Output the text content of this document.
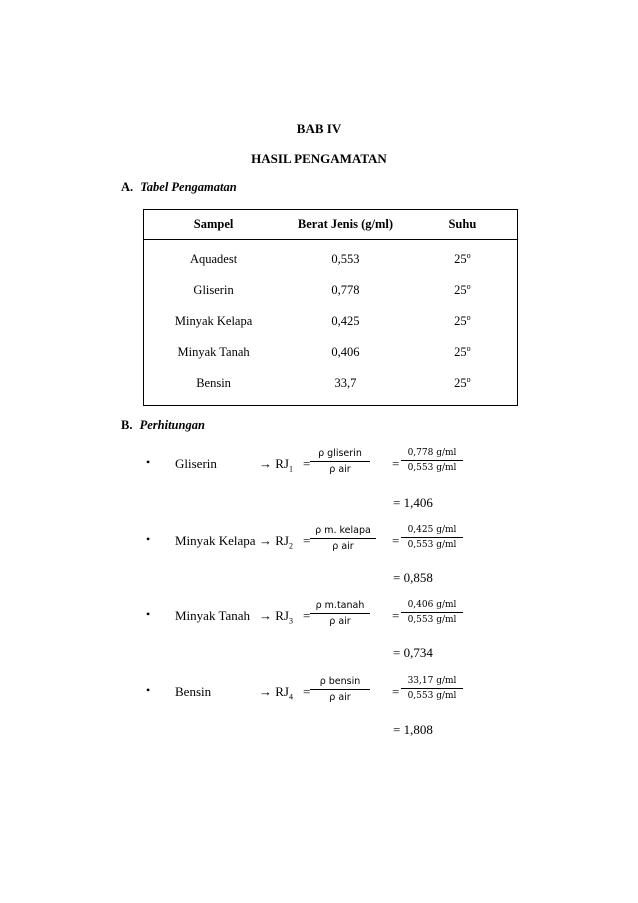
BAB IV
HASIL PENGAMATAN
A. Tabel Pengamatan
Sampel	Berat Jenis (g/ml)	Suhu
Aquadest	0,553	25$^o$
Gliserin	0,778	25$^o$
Minyak Kelapa	0,425	25$^o$
Minyak Tanah	0,406	25$^o$
Bensin	33,7	25$^o$
B. Perhitungan
• Gliserin	→ $RJ_1$ =
ρ gliserin
ρ air	= $\frac{0,778 g/ml}{0,553 g/ml}$
= 1,406
• Minyak Kelapa → $RJ_2$ =
ρ m. kelapa
ρ air	= $\frac{0,425 g/ml}{0,553 g/ml}$
= 0,858
• Minyak Tanah → $RJ_3$ =
ρ m.tanah
ρ air	= $\frac{0,406 g/ml}{0,553 g/ml}$
= 0,734
• Bensin	→ $RJ_4$ =
ρ bensin
ρ air	= $\frac{33,17 g/ml}{0,553 g/ml}$
= 1,808
